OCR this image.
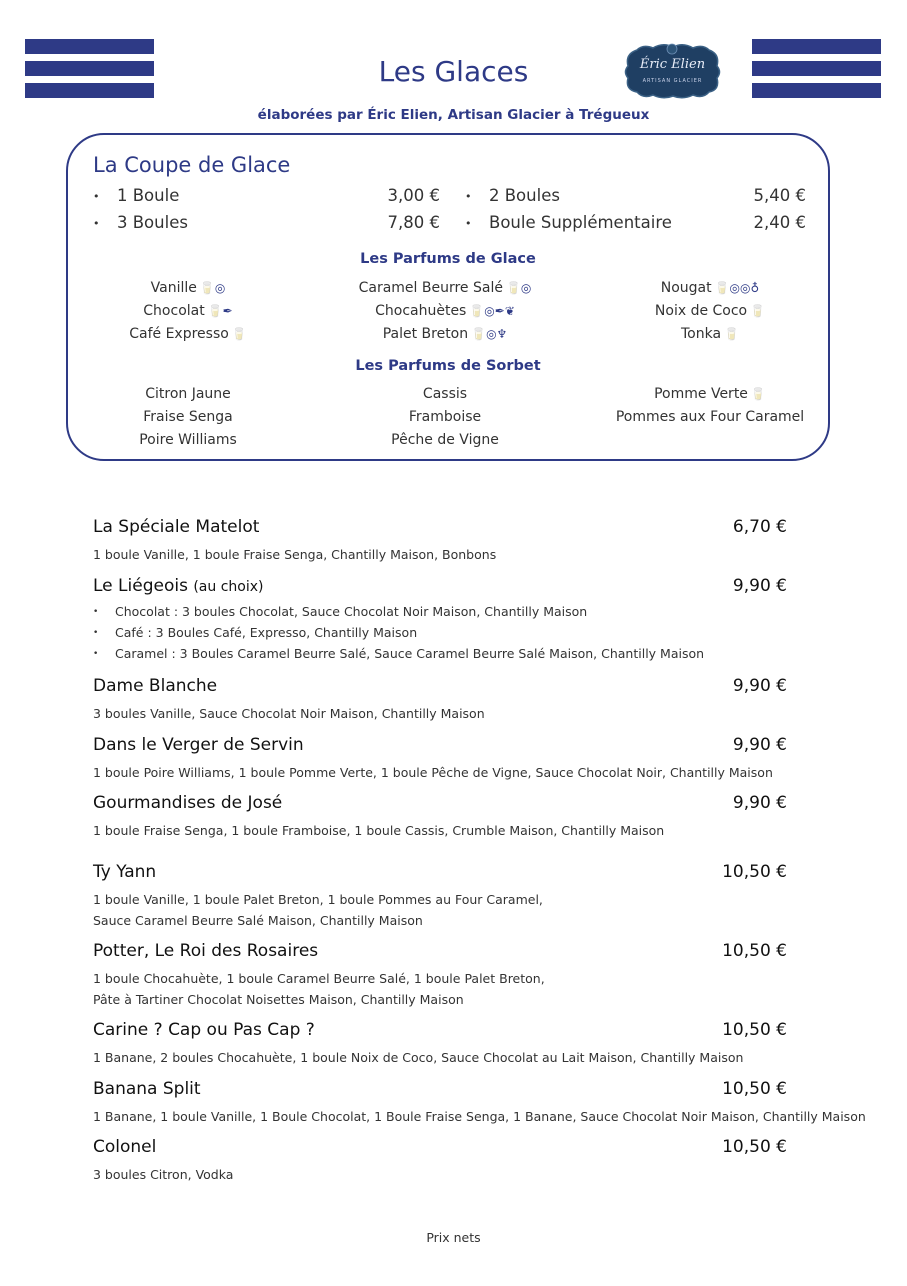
Les Glaces
élaborées par Éric Elien, Artisan Glacier à Trégueux
Éric Elien
ARTISAN GLACIER
La Coupe de Glace
• 1 Boule	3,00 € • 2 Boules	5,40 €
• 3 Boules	7,80 € • Boule Supplémentaire	2,40 €
Les Parfums de Glace
Vanille 🥛◎	Caramel Beurre Salé 🥛◎	Nougat 🥛◎◎♁
Chocolat 🥛✒	Chocahuètes 🥛◎✒❦	Noix de Coco 🥛
Café Expresso 🥛	Palet Breton 🥛◎♆	Tonka 🥛
Les Parfums de Sorbet
Citron Jaune	Cassis	Pomme Verte 🥛
Fraise Senga	Framboise	Pommes aux Four Caramel
Poire Williams	Pêche de Vigne
La Spéciale Matelot	6,70 €
1 boule Vanille, 1 boule Fraise Senga, Chantilly Maison, Bonbons
Le Liégeois (au choix)	9,90 €
• Chocolat : 3 boules Chocolat, Sauce Chocolat Noir Maison, Chantilly Maison
• Café : 3 Boules Café, Expresso, Chantilly Maison
• Caramel : 3 Boules Caramel Beurre Salé, Sauce Caramel Beurre Salé Maison, Chantilly Maison
Dame Blanche	9,90 €
3 boules Vanille, Sauce Chocolat Noir Maison, Chantilly Maison
Dans le Verger de Servin	9,90 €
1 boule Poire Williams, 1 boule Pomme Verte, 1 boule Pêche de Vigne, Sauce Chocolat Noir, Chantilly Maison
Gourmandises de José	9,90 €
1 boule Fraise Senga, 1 boule Framboise, 1 boule Cassis, Crumble Maison, Chantilly Maison
Ty Yann	10,50 €
1 boule Vanille, 1 boule Palet Breton, 1 boule Pommes au Four Caramel,
Sauce Caramel Beurre Salé Maison, Chantilly Maison
Potter, Le Roi des Rosaires	10,50 €
1 boule Chocahuète, 1 boule Caramel Beurre Salé, 1 boule Palet Breton,
Pâte à Tartiner Chocolat Noisettes Maison, Chantilly Maison
Carine ? Cap ou Pas Cap ?	10,50 €
1 Banane, 2 boules Chocahuète, 1 boule Noix de Coco, Sauce Chocolat au Lait Maison, Chantilly Maison
Banana Split	10,50 €
1 Banane, 1 boule Vanille, 1 Boule Chocolat, 1 Boule Fraise Senga, 1 Banane, Sauce Chocolat Noir Maison, Chantilly Maison
Colonel	10,50 €
3 boules Citron, Vodka
Prix nets
